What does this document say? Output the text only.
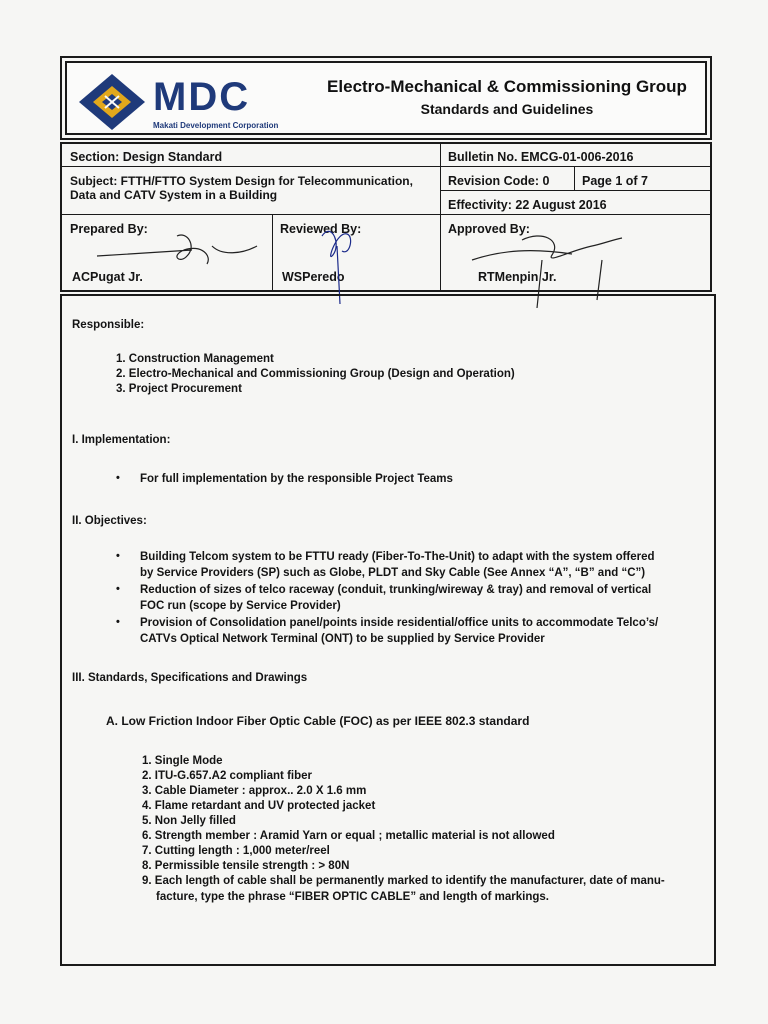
MDC
Makati Development Corporation
Electro-Mechanical & Commissioning Group
Standards and Guidelines
Section: Design Standard	Bulletin No. EMCG-01-006-2016
Subject: FTTH/FTTO System Design for Telecommunication,
Data and CATV System in a Building
Revision Code: 0	Page 1 of 7
Effectivity: 22 August 2016
Prepared By:
ACPugat Jr.
Reviewed By:
WSPeredo
Approved By:
RTMenpin Jr.
Responsible:
1. Construction Management
2. Electro-Mechanical and Commissioning Group (Design and Operation)
3. Project Procurement
I. Implementation:
• For full implementation by the responsible Project Teams
II. Objectives:
• Building Telcom system to be FTTU ready (Fiber-To-The-Unit) to adapt with the system offered
by Service Providers (SP) such as Globe, PLDT and Sky Cable (See Annex “A”, “B” and “C”)
• Reduction of sizes of telco raceway (conduit, trunking/wireway & tray) and removal of vertical
FOC run (scope by Service Provider)
• Provision of Consolidation panel/points inside residential/office units to accommodate Telco’s/
CATVs Optical Network Terminal (ONT) to be supplied by Service Provider
III. Standards, Specifications and Drawings
A. Low Friction Indoor Fiber Optic Cable (FOC) as per IEEE 802.3 standard
1. Single Mode
2. ITU-G.657.A2 compliant fiber
3. Cable Diameter : approx.. 2.0 X 1.6 mm
4. Flame retardant and UV protected jacket
5. Non Jelly filled
6. Strength member : Aramid Yarn or equal ; metallic material is not allowed
7. Cutting length : 1,000 meter/reel
8. Permissible tensile strength : > 80N
9. Each length of cable shall be permanently marked to identify the manufacturer, date of manu-
facture, type the phrase “FIBER OPTIC CABLE” and length of markings.
